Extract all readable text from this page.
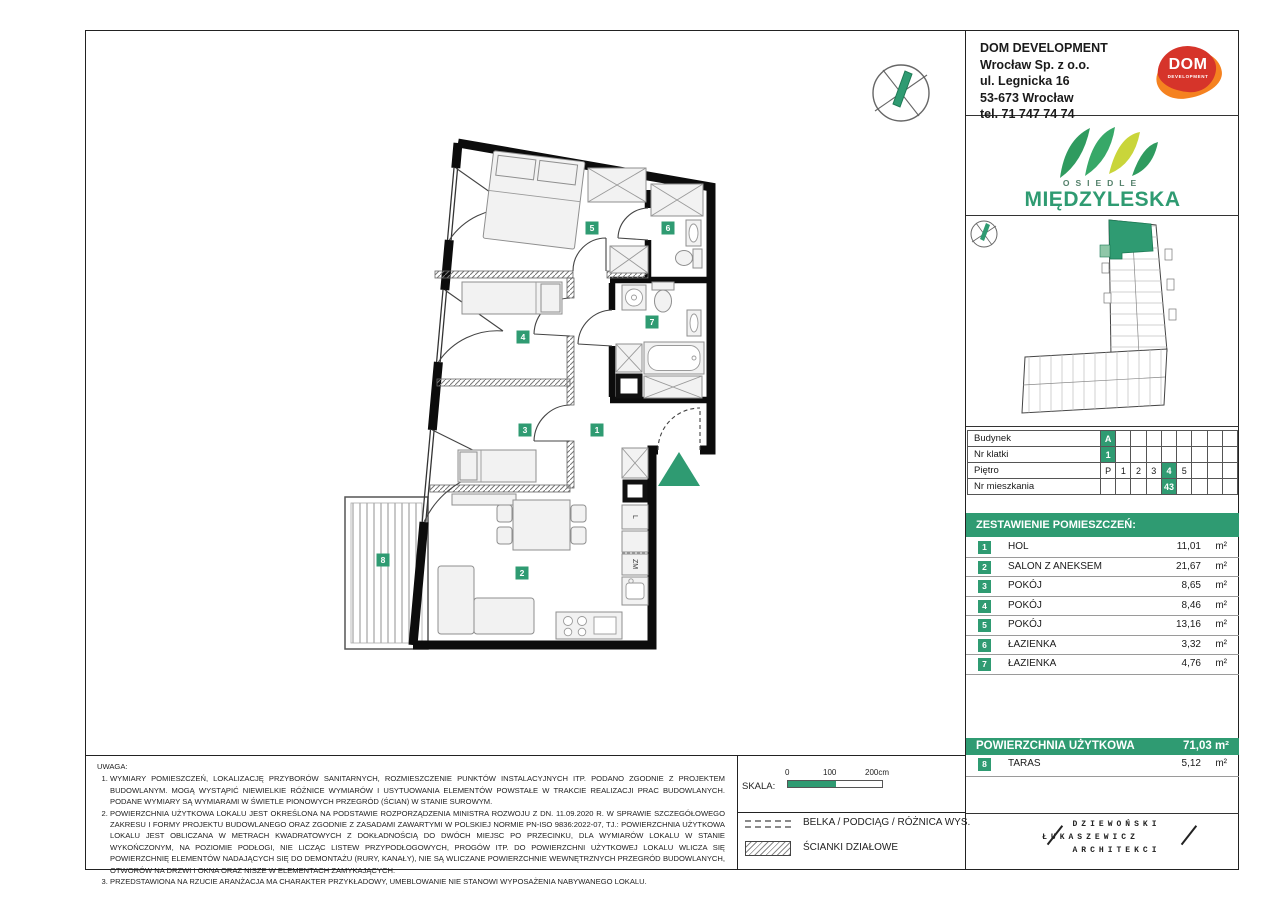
L
ZM
1
2
3
4
5	6
7
8
DOM DEVELOPMENT
Wrocław Sp. z o.o.
ul. Legnicka 16
53-673 Wrocław
tel. 71 747 74 74
DOM
DEVELOPMENT
OSIEDLE
MIĘDZYLESKA
Budynek	A								
Nr klatki	1								
Piętro	P	1	2	3	4	5			
Nr mieszkania					43				
ZESTAWIENIE POMIESZCZEŃ:
1	HOL	11,01 m²
2	SALON Z ANEKSEM	21,67 m²
3	POKÓJ	8,65 m²
4	POKÓJ	8,46 m²
5	POKÓJ	13,16 m²
6	ŁAZIENKA	3,32 m²
7	ŁAZIENKA	4,76 m²
POWIERZCHNIA UŻYTKOWA	71,03 m²
8	TARAS	5,12 m²
DZIEWOŃSKI
ŁUKASZEWICZ
ARCHITEKCI
UWAGA:
1. WYMIARY POMIESZCZEŃ, LOKALIZACJĘ PRZYBORÓW SANITARNYCH, ROZMIESZCZENIE PUNKTÓW INSTALACYJNYCH ITP. PODANO ZGODNIE Z PROJEKTEM BUDOWLANYM. MOGĄ WYSTĄPIĆ NIEWIELKIE RÓŻNICE WYMIARÓW I USYTUOWANIA ELEMENTÓW POWSTAŁE W TRAKCIE REALIZACJI PRAC BUDOWLANYCH. PODANE WYMIARY SĄ WYMIARAMI W ŚWIETLE PIONOWYCH PRZEGRÓD (ŚCIAN) W STANIE SUROWYM.
2. POWIERZCHNIA UŻYTKOWA LOKALU JEST OKREŚLONA NA PODSTAWIE ROZPORZĄDZENIA MINISTRA ROZWOJU Z DN. 11.09.2020 R. W SPRAWIE SZCZEGÓŁOWEGO ZAKRESU I FORMY PROJEKTU BUDOWLANEGO ORAZ ZGODNIE Z ZASADAMI ZAWARTYMI W POLSKIEJ NORMIE PN-ISO 9836:2022-07, TJ.: POWIERZCHNIA UŻYTKOWA LOKALU JEST OBLICZANA W METRACH KWADRATOWYCH Z DOKŁADNOŚCIĄ DO DWÓCH MIEJSC PO PRZECINKU, DLA WYMIARÓW LOKALU W STANIE WYKOŃCZONYM, NA POZIOMIE PODŁOGI, NIE LICZĄC LISTEW PRZYPODŁOGOWYCH, PROGÓW ITP. DO POWIERZCHNI UŻYTKOWEJ LOKALU WLICZA SIĘ POWIERZCHNIĘ ELEMENTÓW NADAJĄCYCH SIĘ DO DEMONTAŻU (RURY, KANAŁY), NIE SĄ WLICZANE POWIERZCHNIE WEWNĘTRZNYCH PRZEGRÓD BUDOWLANYCH, OTWORÓW NA DRZWI I OKNA ORAZ NISZE W ELEMENTACH ZAMYKAJĄCYCH.
3. PRZEDSTAWIONA NA RZUCIE ARANŻACJA MA CHARAKTER PRZYKŁADOWY, UMEBLOWANIE NIE STANOWI WYPOSAŻENIA NABYWANEGO LOKALU.
SKALA:
0	100	200cm
BELKA / PODCIĄG / RÓŻNICA WYS.
ŚCIANKI DZIAŁOWE
